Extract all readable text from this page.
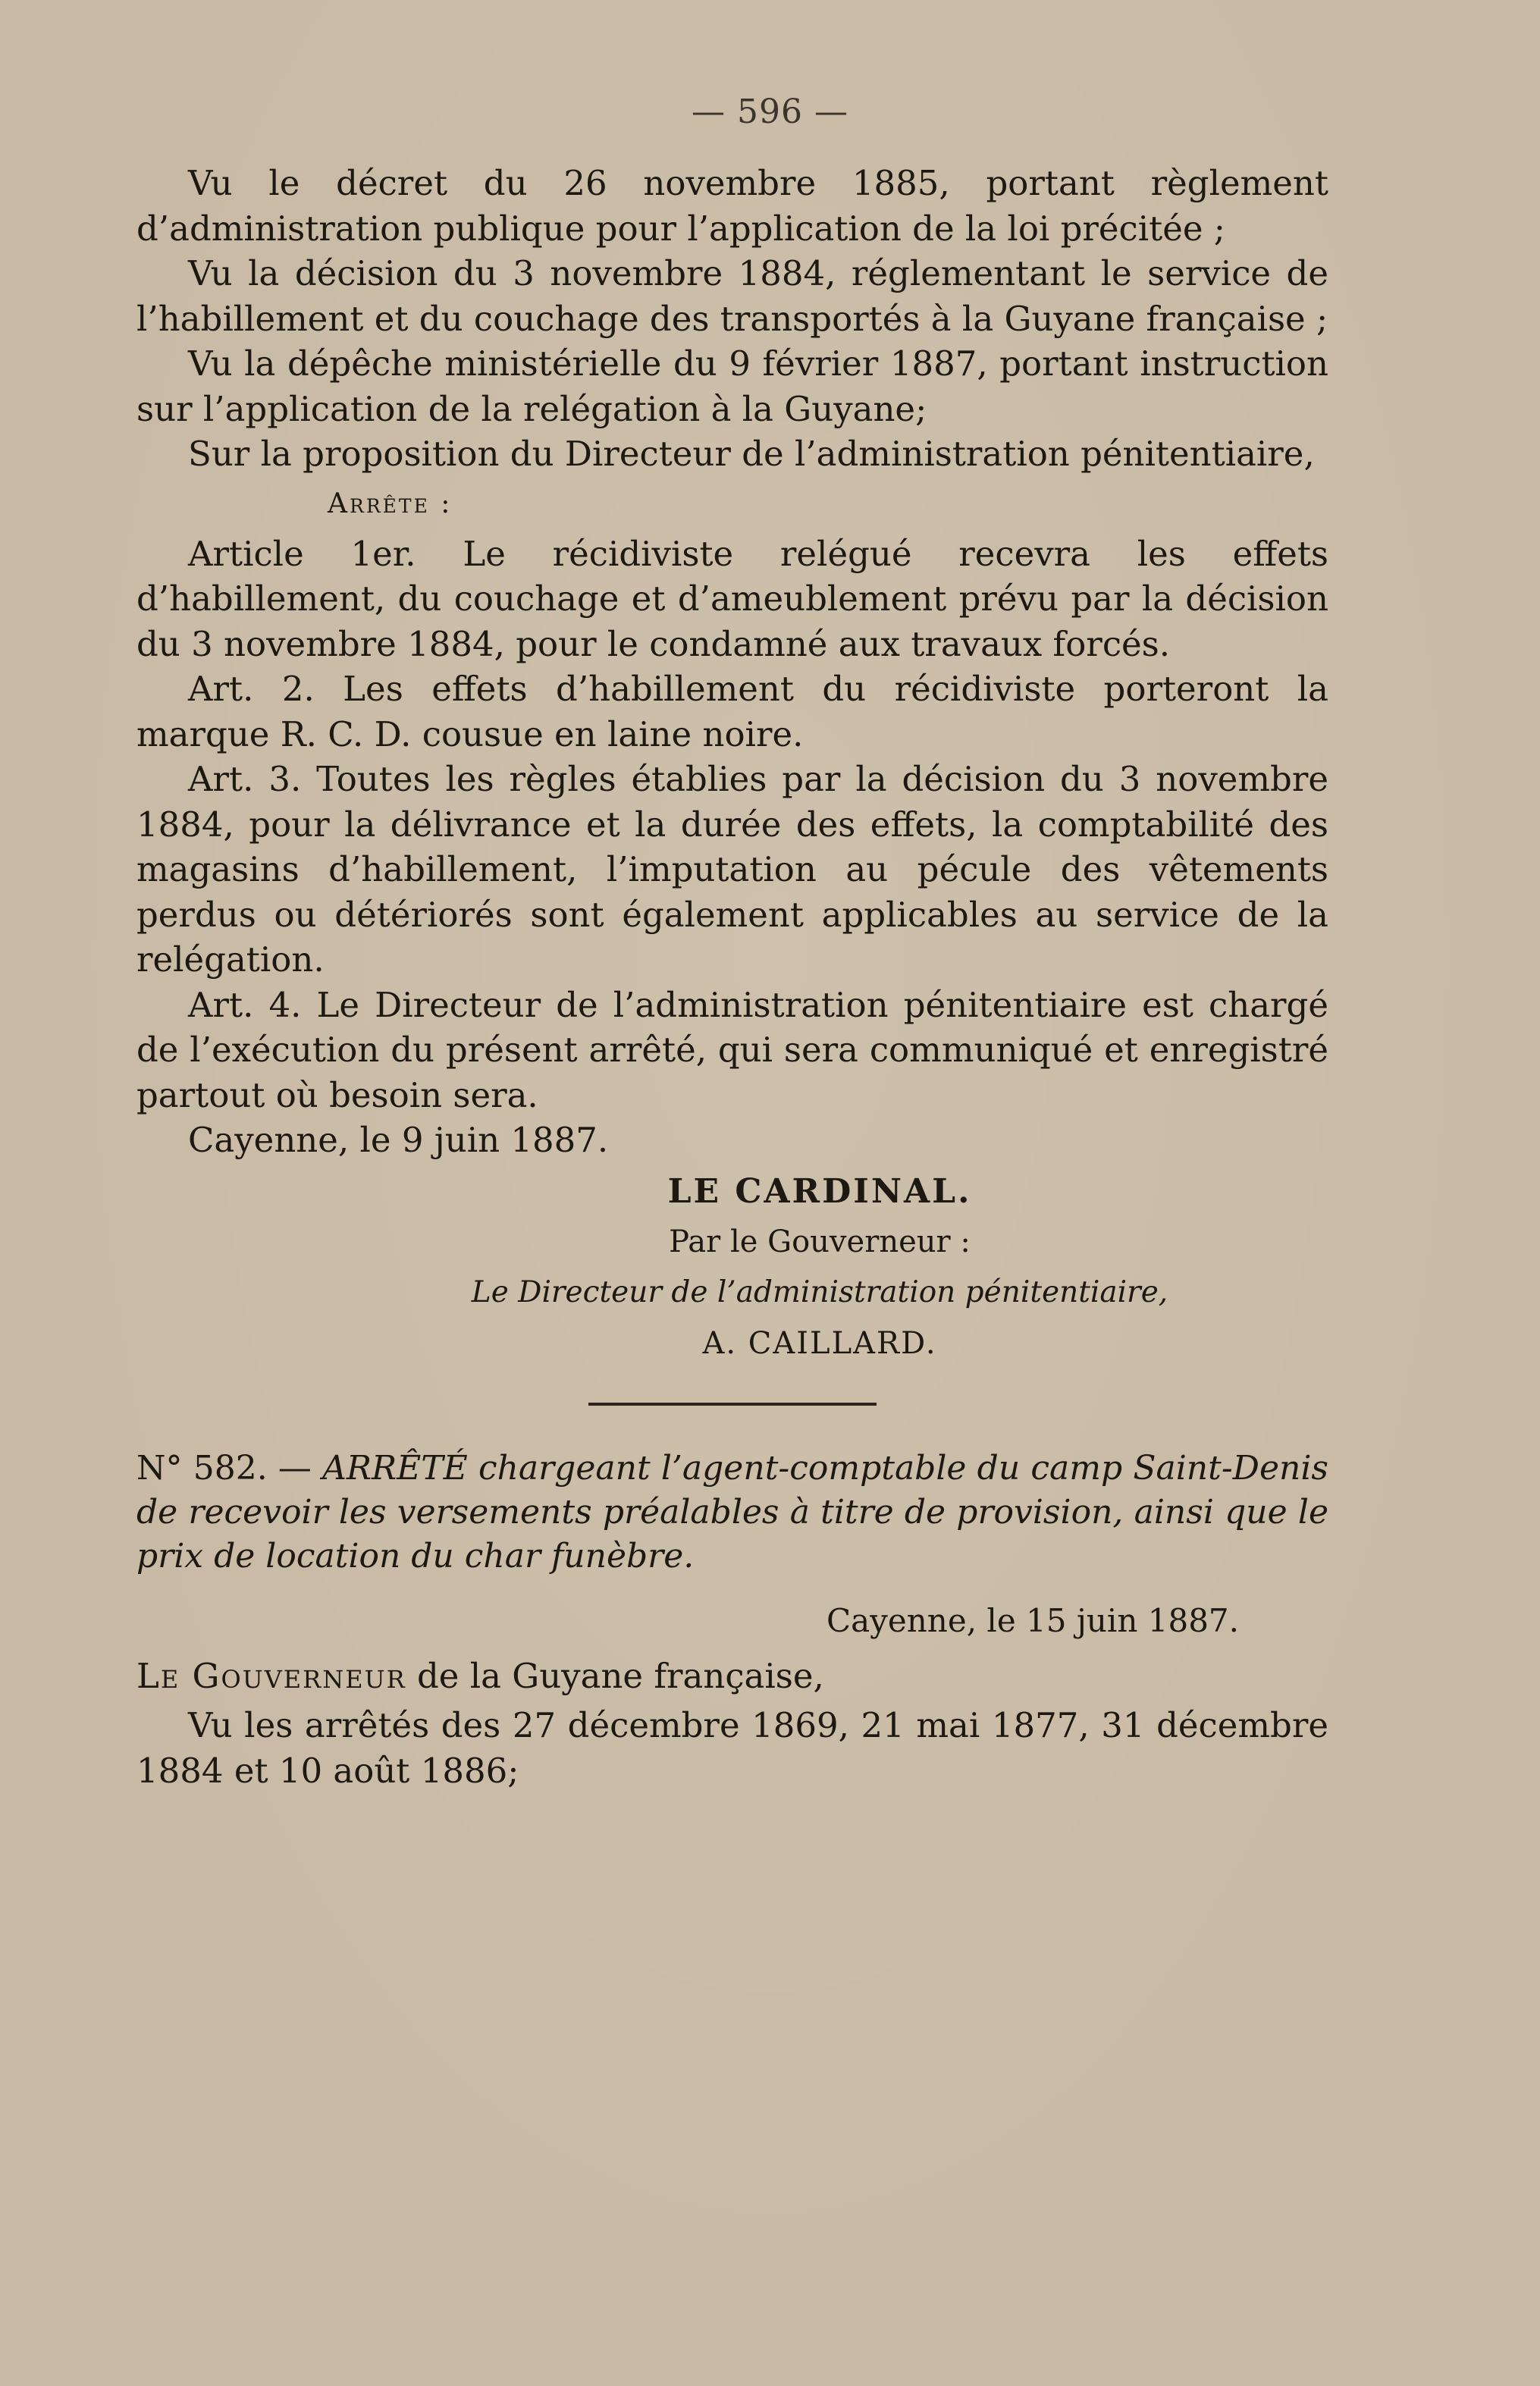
— 596 —

Vu le décret du 26 novembre 1885, portant règlement d’administration publique pour l’application de la loi précitée ;

Vu la décision du 3 novembre 1884, réglementant le service de l’habillement et du couchage des transportés à la Guyane française ;

Vu la dépêche ministérielle du 9 février 1887, portant instruction sur l’application de la relégation à la Guyane;

Sur la proposition du Directeur de l’administration pénitentiaire,

Arrête :

Article 1er. Le récidiviste relégué recevra les effets d’habillement, du couchage et d’ameublement prévu par la décision du 3 novembre 1884, pour le condamné aux travaux forcés.

Art. 2. Les effets d’habillement du récidiviste porteront la marque R. C. D. cousue en laine noire.

Art. 3. Toutes les règles établies par la décision du 3 novembre 1884, pour la délivrance et la durée des effets, la comptabilité des magasins d’habillement, l’imputation au pécule des vêtements perdus ou détériorés sont également applicables au service de la relégation.

Art. 4. Le Directeur de l’administration pénitentiaire est chargé de l’exécution du présent arrêté, qui sera communiqué et enregistré partout où besoin sera.

Cayenne, le 9 juin 1887.

LE CARDINAL.
Par le Gouverneur :
Le Directeur de l’administration pénitentiaire,
A. CAILLARD.

N° 582. — ARRÊTÉ chargeant l’agent-comptable du camp Saint-Denis de recevoir les versements préalables à titre de provision, ainsi que le prix de location du char funèbre.

Cayenne, le 15 juin 1887.

Le Gouverneur de la Guyane française,

Vu les arrêtés des 27 décembre 1869, 21 mai 1877, 31 décembre 1884 et 10 août 1886;
